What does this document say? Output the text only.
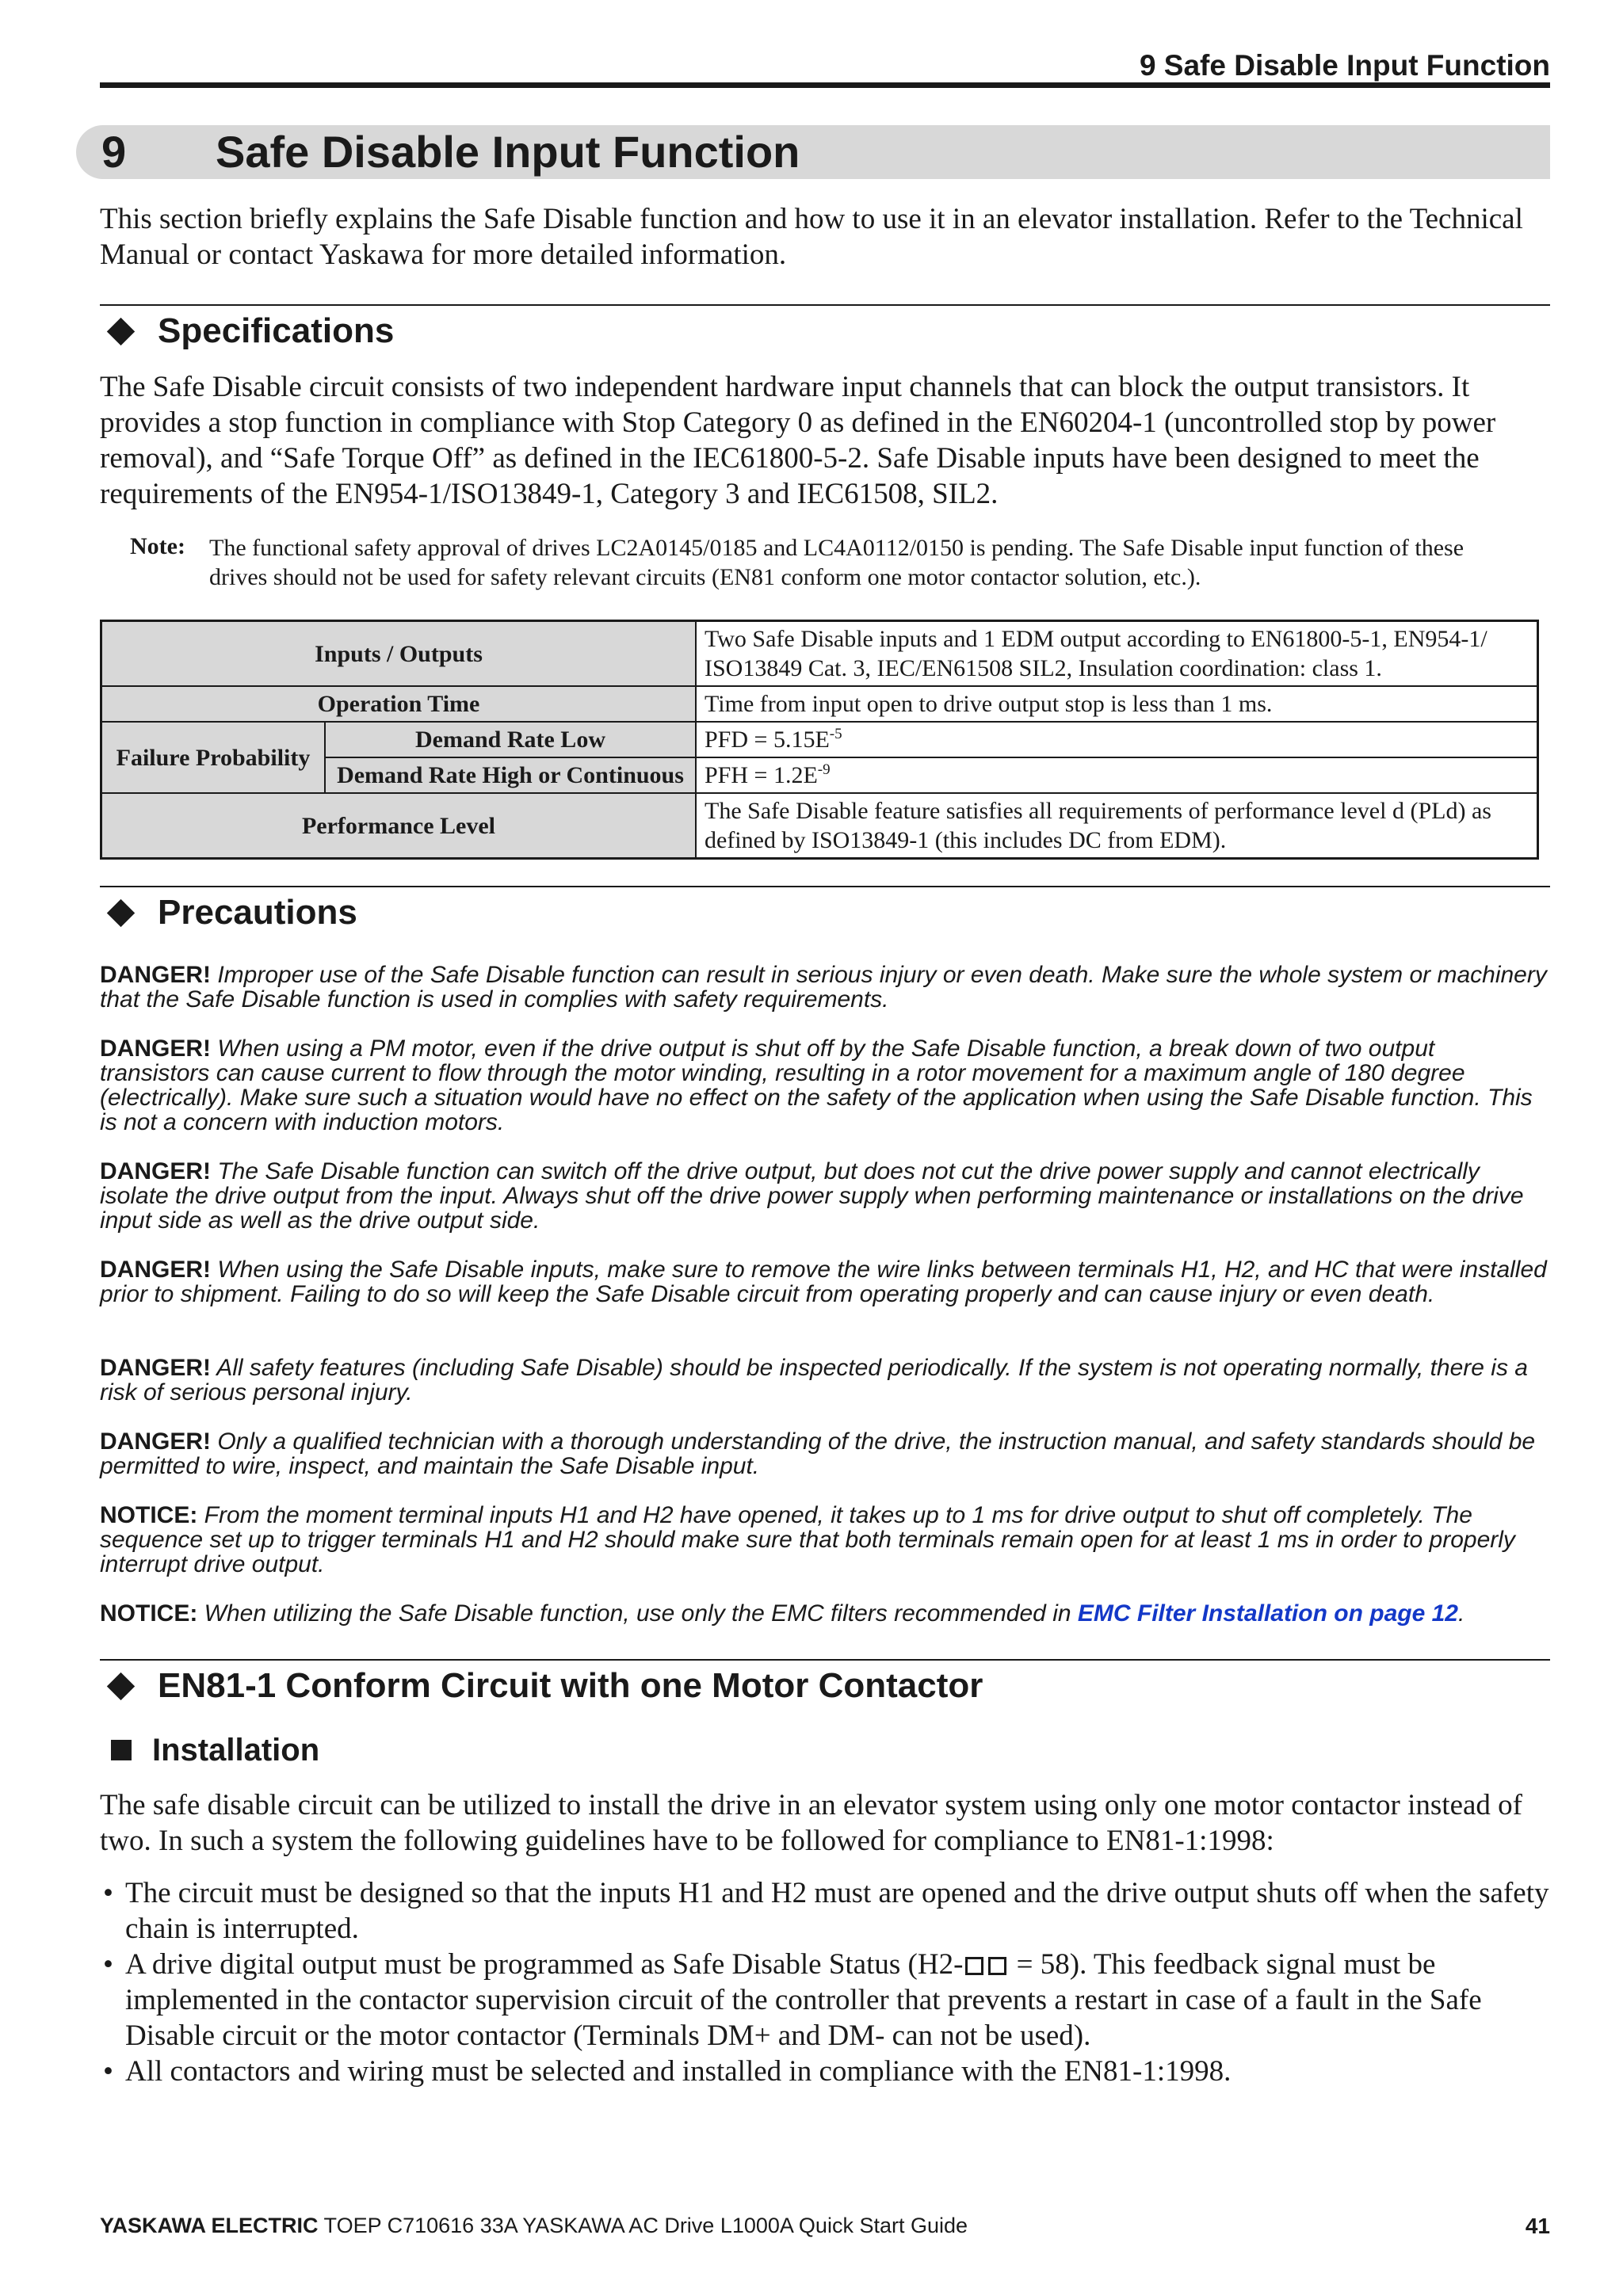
9 Safe Disable Input Function
9 Safe Disable Input Function
This section briefly explains the Safe Disable function and how to use it in an elevator installation. Refer to the Technical Manual or contact Yaskawa for more detailed information.
Specifications
The Safe Disable circuit consists of two independent hardware input channels that can block the output transistors. It provides a stop function in compliance with Stop Category 0 as defined in the EN60204-1 (uncontrolled stop by power removal), and “Safe Torque Off” as defined in the IEC61800-5-2. Safe Disable inputs have been designed to meet the requirements of the EN954-1/ISO13849-1, Category 3 and IEC61508, SIL2.
Note: The functional safety approval of drives LC2A0145/0185 and LC4A0112/0150 is pending. The Safe Disable input function of these drives should not be used for safety relevant circuits (EN81 conform one motor contactor solution, etc.).
Inputs / Outputs		Two Safe Disable inputs and 1 EDM output according to EN61800-5-1, EN954-1/ ISO13849 Cat. 3, IEC/EN61508 SIL2, Insulation coordination: class 1.
Operation Time		Time from input open to drive output stop is less than 1 ms.
Failure Probability	Demand Rate Low	PFD = $5.15E^{-5}$
	Demand Rate High or Continuous	PFH = $1.2E^{-9}$
Performance Level		The Safe Disable feature satisfies all requirements of performance level d (PLd) as defined by ISO13849-1 (this includes DC from EDM).
Precautions
DANGER! Improper use of the Safe Disable function can result in serious injury or even death. Make sure the whole system or machinery that the Safe Disable function is used in complies with safety requirements.
DANGER! When using a PM motor, even if the drive output is shut off by the Safe Disable function, a break down of two output transistors can cause current to flow through the motor winding, resulting in a rotor movement for a maximum angle of 180 degree (electrically). Make sure such a situation would have no effect on the safety of the application when using the Safe Disable function. This is not a concern with induction motors.
DANGER! The Safe Disable function can switch off the drive output, but does not cut the drive power supply and cannot electrically isolate the drive output from the input. Always shut off the drive power supply when performing maintenance or installations on the drive input side as well as the drive output side.
DANGER! When using the Safe Disable inputs, make sure to remove the wire links between terminals H1, H2, and HC that were installed prior to shipment. Failing to do so will keep the Safe Disable circuit from operating properly and can cause injury or even death.
DANGER! All safety features (including Safe Disable) should be inspected periodically. If the system is not operating normally, there is a risk of serious personal injury.
DANGER! Only a qualified technician with a thorough understanding of the drive, the instruction manual, and safety standards should be permitted to wire, inspect, and maintain the Safe Disable input.
NOTICE: From the moment terminal inputs H1 and H2 have opened, it takes up to 1 ms for drive output to shut off completely. The sequence set up to trigger terminals H1 and H2 should make sure that both terminals remain open for at least 1 ms in order to properly interrupt drive output.
NOTICE: When utilizing the Safe Disable function, use only the EMC filters recommended in EMC Filter Installation on page 12.
EN81-1 Conform Circuit with one Motor Contactor
Installation
The safe disable circuit can be utilized to install the drive in an elevator system using only one motor contactor instead of two. In such a system the following guidelines have to be followed for compliance to EN81-1:1998:
• The circuit must be designed so that the inputs H1 and H2 must are opened and the drive output shuts off when the safety chain is interrupted.
• A drive digital output must be programmed as Safe Disable Status (H2- = 58). This feedback signal must be implemented in the contactor supervision circuit of the controller that prevents a restart in case of a fault in the Safe Disable circuit or the motor contactor (Terminals DM+ and DM- can not be used).
• All contactors and wiring must be selected and installed in compliance with the EN81-1:1998.
YASKAWA ELECTRIC TOEP C710616 33A YASKAWA AC Drive L1000A Quick Start Guide	41
